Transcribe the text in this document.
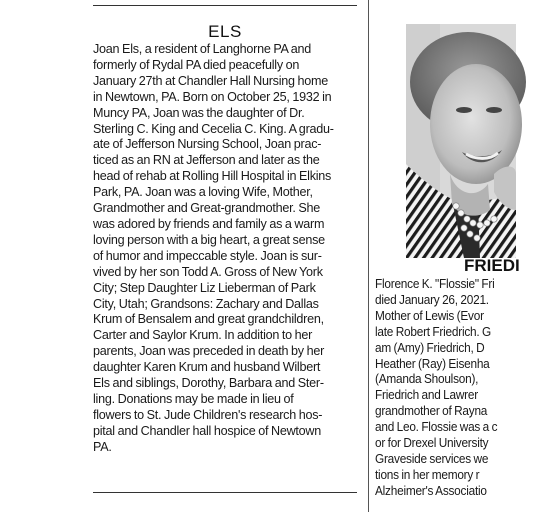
ELS
Joan Els, a resident of Langhorne PA and
formerly of Rydal PA died peacefully on
January 27th at Chandler Hall Nursing home
in Newtown, PA. Born on October 25, 1932 in
Muncy PA, Joan was the daughter of Dr.
Sterling C. King and Cecelia C. King. A gradu-
ate of Jefferson Nursing School, Joan prac-
ticed as an RN at Jefferson and later as the
head of rehab at Rolling Hill Hospital in Elkins
Park, PA. Joan was a loving Wife, Mother,
Grandmother and Great-grandmother. She
was adored by friends and family as a warm
loving person with a big heart, a great sense
of humor and impeccable style. Joan is sur-
vived by her son Todd A. Gross of New York
City; Step Daughter Liz Lieberman of Park
City, Utah; Grandsons: Zachary and Dallas
Krum of Bensalem and great grandchildren,
Carter and Saylor Krum. In addition to her
parents, Joan was preceded in death by her
daughter Karen Krum and husband Wilbert
Els and siblings, Dorothy, Barbara and Ster-
ling. Donations may be made in lieu of
flowers to St. Jude Children's research hos-
pital and Chandler hall hospice of Newtown
PA.
FRIEDI
Florence K. "Flossie" Fri
died January 26, 2021.
Mother of Lewis (Evor
late Robert Friedrich. G
am (Amy) Friedrich, D
Heather (Ray) Eisenha
(Amanda Shoulson),
Friedrich and Lawrer
grandmother of Rayna
and Leo. Flossie was a c
or for Drexel University
Graveside services we
tions in her memory r
Alzheimer's Associatio
